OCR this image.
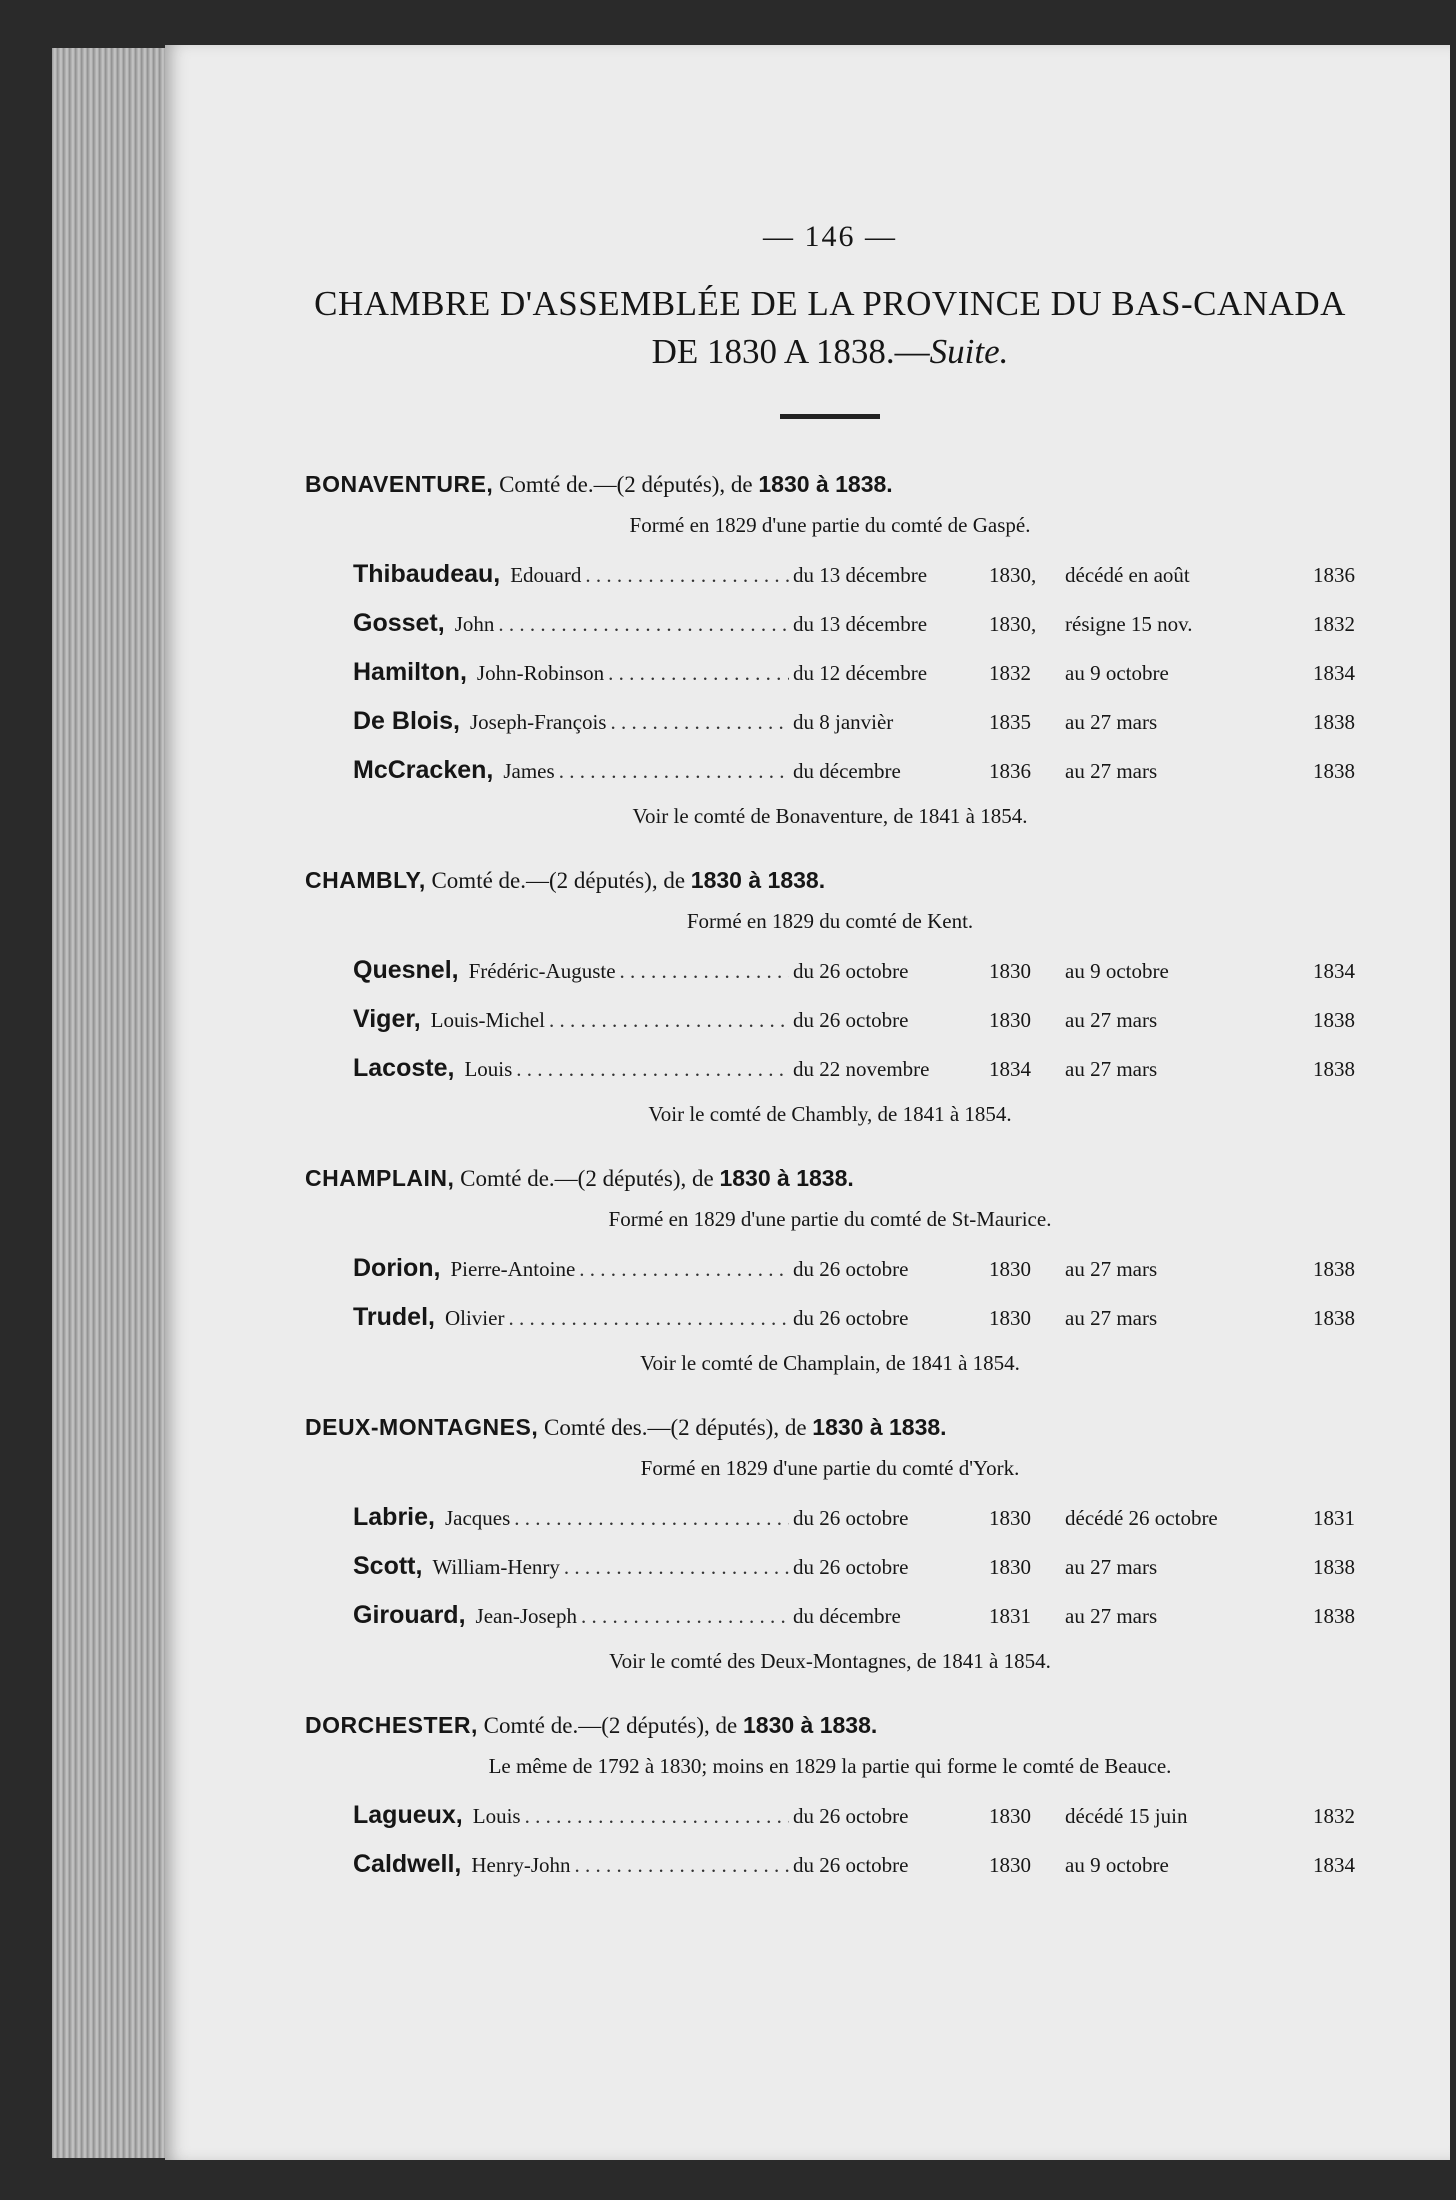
— 146 —
CHAMBRE D'ASSEMBLÉE DE LA PROVINCE DU BAS-CANADA
DE 1830 A 1838.—Suite.
BONAVENTURE, Comté de.—(2 députés), de 1830 à 1838.
Formé en 1829 d'une partie du comté de Gaspé.
Thibaudeau, Edouard . . .	du 13 décembre	1830,	décédé en août	1836
Gosset, John . . .	du 13 décembre	1830,	résigne 15 nov.	1832
Hamilton, John-Robinson . . .	du 12 décembre	1832	au 9 octobre	1834
De Blois, Joseph-François . . .	du 8 janvièr	1835	au 27 mars	1838
McCracken, James . . .	du décembre	1836	au 27 mars	1838
Voir le comté de Bonaventure, de 1841 à 1854.
CHAMBLY, Comté de.—(2 députés), de 1830 à 1838.
Formé en 1829 du comté de Kent.
Quesnel, Frédéric-Auguste . . .	du 26 octobre	1830	au 9 octobre	1834
Viger, Louis-Michel . . .	du 26 octobre	1830	au 27 mars	1838
Lacoste, Louis . . .	du 22 novembre	1834	au 27 mars	1838
Voir le comté de Chambly, de 1841 à 1854.
CHAMPLAIN, Comté de.—(2 députés), de 1830 à 1838.
Formé en 1829 d'une partie du comté de St-Maurice.
Dorion, Pierre-Antoine . . .	du 26 octobre	1830	au 27 mars	1838
Trudel, Olivier . . .	du 26 octobre	1830	au 27 mars	1838
Voir le comté de Champlain, de 1841 à 1854.
DEUX-MONTAGNES, Comté des.—(2 députés), de 1830 à 1838.
Formé en 1829 d'une partie du comté d'York.
Labrie, Jacques . . .	du 26 octobre	1830	décédé 26 octobre	1831
Scott, William-Henry . . .	du 26 octobre	1830	au 27 mars	1838
Girouard, Jean-Joseph . . .	du décembre	1831	au 27 mars	1838
Voir le comté des Deux-Montagnes, de 1841 à 1854.
DORCHESTER, Comté de.—(2 députés), de 1830 à 1838.
Le même de 1792 à 1830; moins en 1829 la partie qui forme le comté de Beauce.
Lagueux, Louis . . .	du 26 octobre	1830	décédé 15 juin	1832
Caldwell, Henry-John . . .	du 26 octobre	1830	au 9 octobre	1834
